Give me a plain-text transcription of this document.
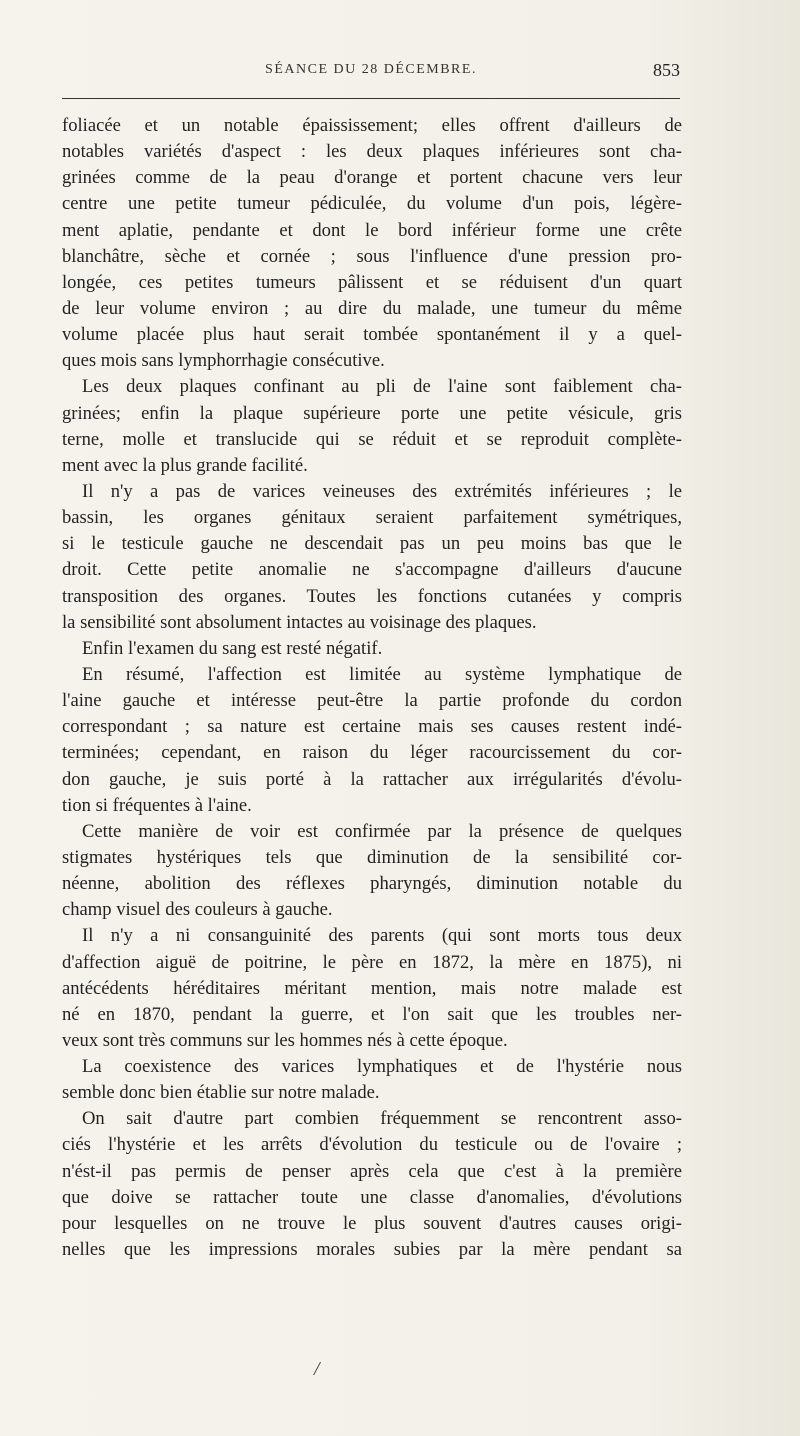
SÉANCE DU 28 DÉCEMBRE.	853
foliacée et un notable épaississement; elles offrent d'ailleurs de
notables variétés d'aspect : les deux plaques inférieures sont cha-
grinées comme de la peau d'orange et portent chacune vers leur
centre une petite tumeur pédiculée, du volume d'un pois, légère-
ment aplatie, pendante et dont le bord inférieur forme une crête
blanchâtre, sèche et cornée ; sous l'influence d'une pression pro-
longée, ces petites tumeurs pâlissent et se réduisent d'un quart
de leur volume environ ; au dire du malade, une tumeur du même
volume placée plus haut serait tombée spontanément il y a quel-
ques mois sans lymphorrhagie consécutive.
Les deux plaques confinant au pli de l'aine sont faiblement cha-
grinées; enfin la plaque supérieure porte une petite vésicule, gris
terne, molle et translucide qui se réduit et se reproduit complète-
ment avec la plus grande facilité.
Il n'y a pas de varices veineuses des extrémités inférieures ; le
bassin, les organes génitaux seraient parfaitement symétriques,
si le testicule gauche ne descendait pas un peu moins bas que le
droit. Cette petite anomalie ne s'accompagne d'ailleurs d'aucune
transposition des organes. Toutes les fonctions cutanées y compris
la sensibilité sont absolument intactes au voisinage des plaques.
Enfin l'examen du sang est resté négatif.
En résumé, l'affection est limitée au système lymphatique de
l'aine gauche et intéresse peut-être la partie profonde du cordon
correspondant ; sa nature est certaine mais ses causes restent indé-
terminées; cependant, en raison du léger racourcissement du cor-
don gauche, je suis porté à la rattacher aux irrégularités d'évolu-
tion si fréquentes à l'aine.
Cette manière de voir est confirmée par la présence de quelques
stigmates hystériques tels que diminution de la sensibilité cor-
néenne, abolition des réflexes pharyngés, diminution notable du
champ visuel des couleurs à gauche.
Il n'y a ni consanguinité des parents (qui sont morts tous deux
d'affection aiguë de poitrine, le père en 1872, la mère en 1875), ni
antécédents héréditaires méritant mention, mais notre malade est
né en 1870, pendant la guerre, et l'on sait que les troubles ner-
veux sont très communs sur les hommes nés à cette époque.
La coexistence des varices lymphatiques et de l'hystérie nous
semble donc bien établie sur notre malade.
On sait d'autre part combien fréquemment se rencontrent asso-
ciés l'hystérie et les arrêts d'évolution du testicule ou de l'ovaire ;
n'ést-il pas permis de penser après cela que c'est à la première
que doive se rattacher toute une classe d'anomalies, d'évolutions
pour lesquelles on ne trouve le plus souvent d'autres causes origi-
nelles que les impressions morales subies par la mère pendant sa
/
